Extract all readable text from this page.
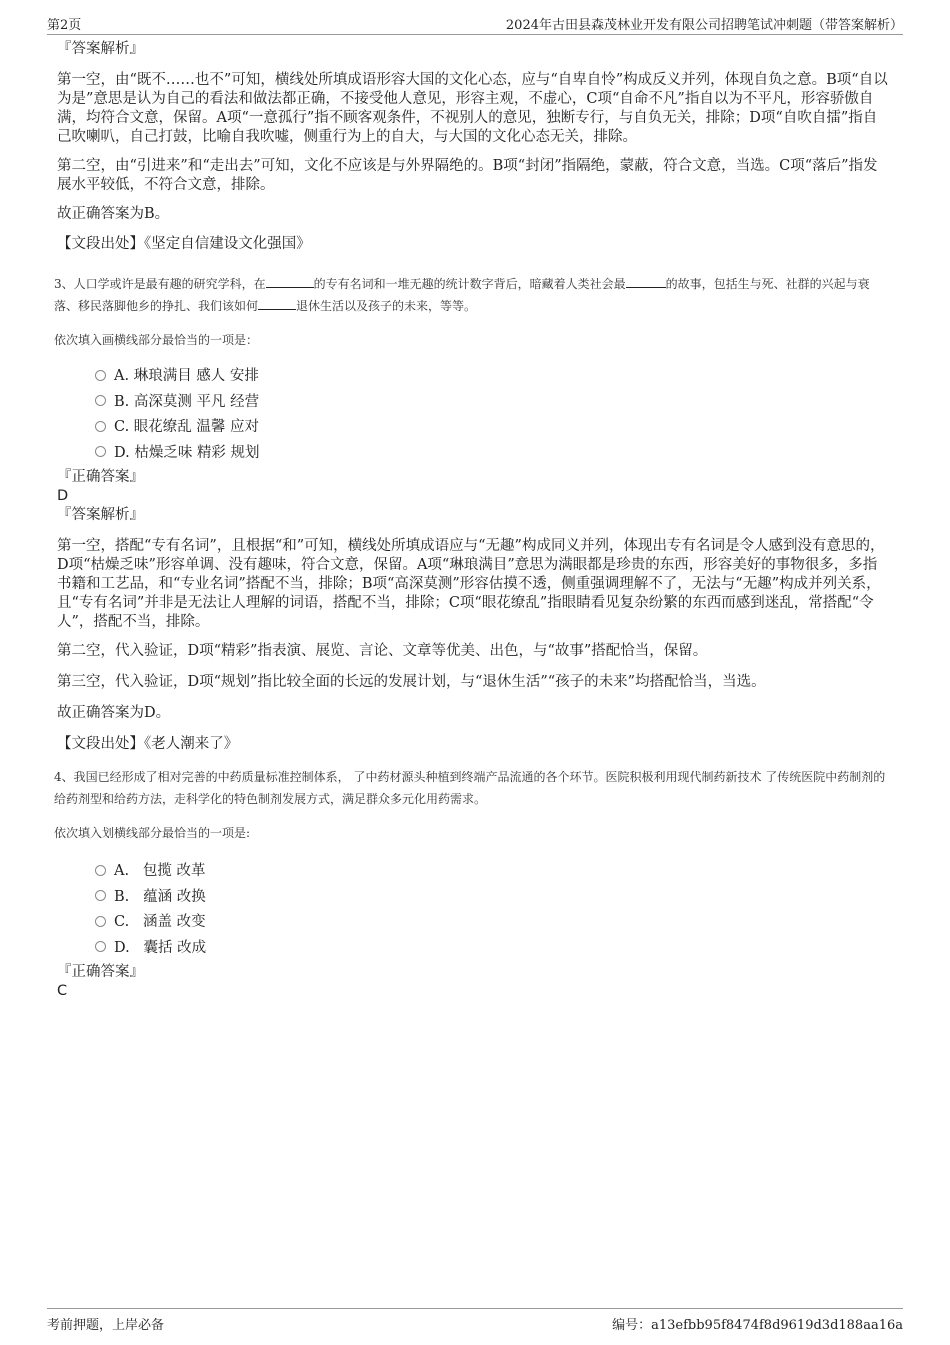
第2页	2024年古田县森茂林业开发有限公司招聘笔试冲刺题（带答案解析）
『答案解析』
第一空，由“既不……也不”可知，横线处所填成语形容大国的文化心态，应与“自卑自怜”构成反义并列，体现自负之意。B项“自以为是”意思是认为自己的看法和做法都正确，不接受他人意见，形容主观，不虚心，C项“自命不凡”指自以为不平凡，形容骄傲自满，均符合文意，保留。A项“一意孤行”指不顾客观条件，不视别人的意见，独断专行，与自负无关，排除；D项“自吹自擂”指自己吹喇叭，自己打鼓，比喻自我吹嘘，侧重行为上的自大，与大国的文化心态无关，排除。
第二空，由“引进来”和“走出去”可知，文化不应该是与外界隔绝的。B项“封闭”指隔绝，蒙蔽，符合文意，当选。C项“落后”指发展水平较低，不符合文意，排除。
故正确答案为B。
【文段出处】《坚定自信建设文化强国》
3、人口学或许是最有趣的研究学科，在	的专有名词和一堆无趣的统计数字背后，暗藏着人类社会最	的故事，包括生与死、社群的兴起与衰落、移民落脚他乡的挣扎、我们该如何	退休生活以及孩子的未来，等等。
依次填入画横线部分最恰当的一项是：
A. 琳琅满目 感人 安排
B. 高深莫测 平凡 经营
C. 眼花缭乱 温馨 应对
D. 枯燥乏味 精彩 规划
『正确答案』
D
『答案解析』
第一空，搭配“专有名词”，且根据“和”可知，横线处所填成语应与“无趣”构成同义并列，体现出专有名词是令人感到没有意思的，D项“枯燥乏味”形容单调、没有趣味，符合文意，保留。A项“琳琅满目”意思为满眼都是珍贵的东西，形容美好的事物很多，多指书籍和工艺品，和“专业名词”搭配不当，排除；B项“高深莫测”形容估摸不透，侧重强调理解不了，无法与“无趣”构成并列关系，且“专有名词”并非是无法让人理解的词语，搭配不当，排除；C项“眼花缭乱”指眼睛看见复杂纷繁的东西而感到迷乱，常搭配“令人”，搭配不当，排除。
第二空，代入验证，D项“精彩”指表演、展览、言论、文章等优美、出色，与“故事”搭配恰当，保留。
第三空，代入验证，D项“规划”指比较全面的长远的发展计划，与“退休生活”“孩子的未来”均搭配恰当，当选。
故正确答案为D。
【文段出处】《老人潮来了》
4、我国已经形成了相对完善的中药质量标准控制体系， 了中药材源头种植到终端产品流通的各个环节。医院积极利用现代制药新技术 了传统医院中药制剂的给药剂型和给药方法，走科学化的特色制剂发展方式，满足群众多元化用药需求。
依次填入划横线部分最恰当的一项是:
A. 包揽 改革
B. 蕴涵 改换
C. 涵盖 改变
D. 囊括 改成
『正确答案』
C
考前押题，上岸必备	编号：a13efbb95f8474f8d9619d3d188aa16a
